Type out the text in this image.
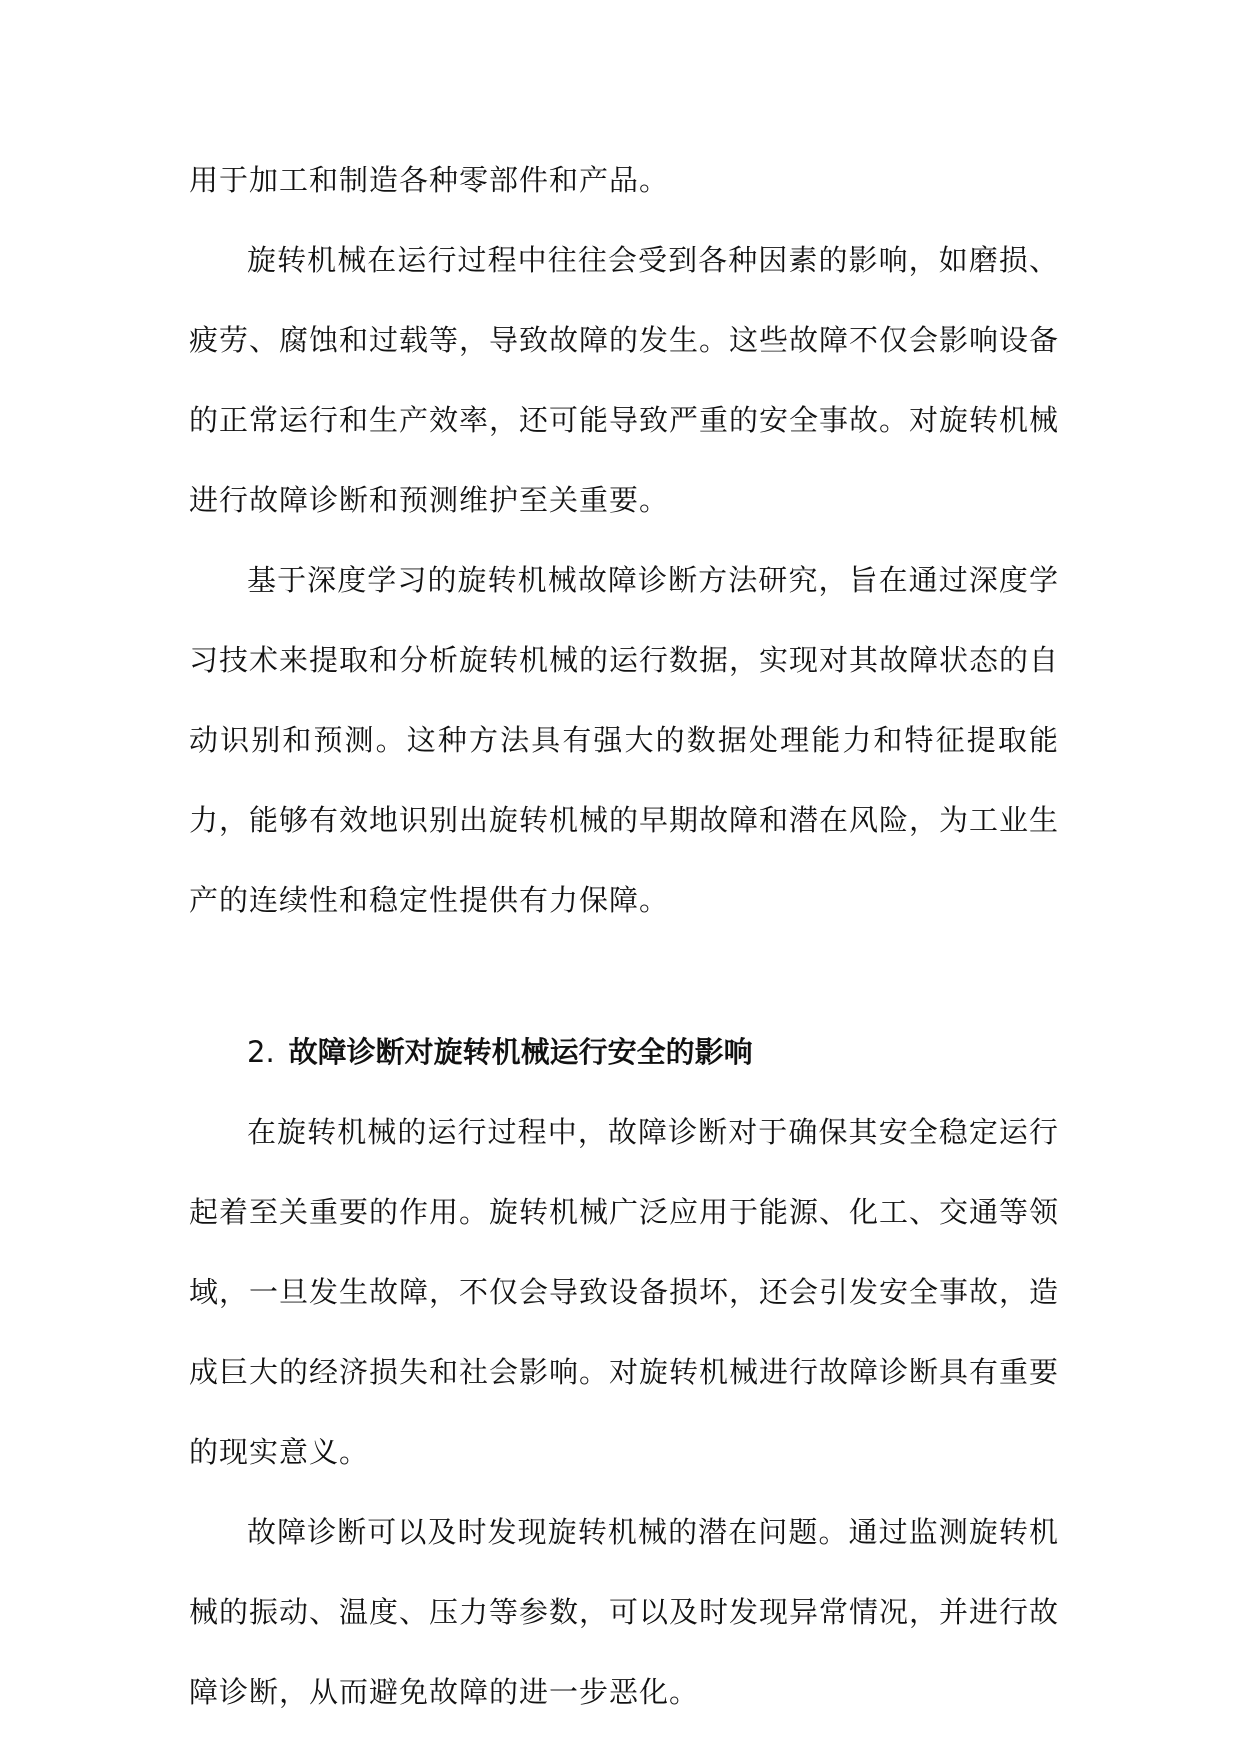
用于加工和制造各种零部件和产品。

旋转机械在运行过程中往往会受到各种因素的影响，如磨损、疲劳、腐蚀和过载等，导致故障的发生。这些故障不仅会影响设备的正常运行和生产效率，还可能导致严重的安全事故。对旋转机械进行故障诊断和预测维护至关重要。

基于深度学习的旋转机械故障诊断方法研究，旨在通过深度学习技术来提取和分析旋转机械的运行数据，实现对其故障状态的自动识别和预测。这种方法具有强大的数据处理能力和特征提取能力，能够有效地识别出旋转机械的早期故障和潜在风险，为工业生产的连续性和稳定性提供有力保障。

2. 故障诊断对旋转机械运行安全的影响

在旋转机械的运行过程中，故障诊断对于确保其安全稳定运行起着至关重要的作用。旋转机械广泛应用于能源、化工、交通等领域，一旦发生故障，不仅会导致设备损坏，还会引发安全事故，造成巨大的经济损失和社会影响。对旋转机械进行故障诊断具有重要的现实意义。

故障诊断可以及时发现旋转机械的潜在问题。通过监测旋转机械的振动、温度、压力等参数，可以及时发现异常情况，并进行故障诊断，从而避免故障的进一步恶化。
